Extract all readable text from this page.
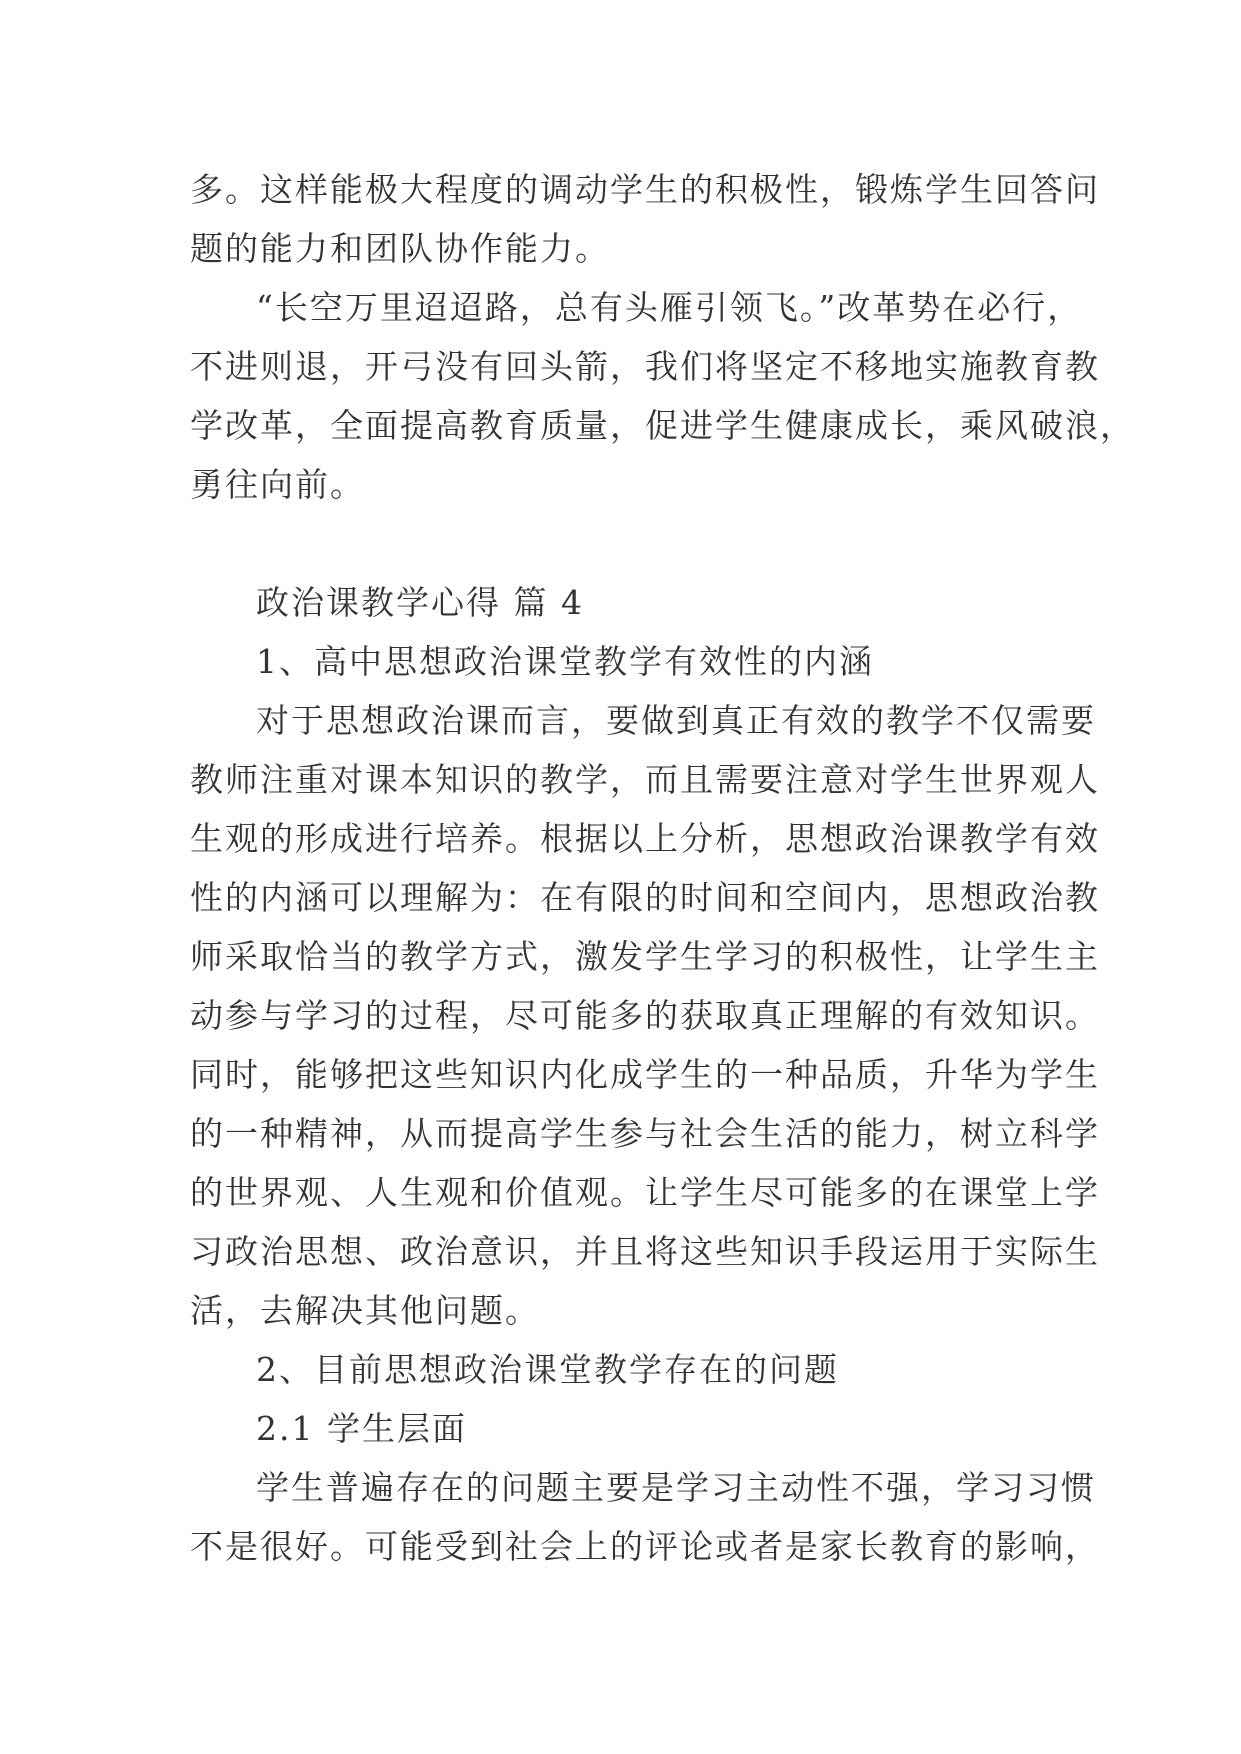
多。这样能极大程度的调动学生的积极性，锻炼学生回答问
题的能力和团队协作能力。
“长空万里迢迢路，总有头雁引领飞。”改革势在必行，
不进则退，开弓没有回头箭，我们将坚定不移地实施教育教
学改革，全面提高教育质量，促进学生健康成长，乘风破浪，
勇往向前。
政治课教学心得 篇 4
1、高中思想政治课堂教学有效性的内涵
对于思想政治课而言，要做到真正有效的教学不仅需要
教师注重对课本知识的教学，而且需要注意对学生世界观人
生观的形成进行培养。根据以上分析，思想政治课教学有效
性的内涵可以理解为：在有限的时间和空间内，思想政治教
师采取恰当的教学方式，激发学生学习的积极性，让学生主
动参与学习的过程，尽可能多的获取真正理解的有效知识。
同时，能够把这些知识内化成学生的一种品质，升华为学生
的一种精神，从而提高学生参与社会生活的能力，树立科学
的世界观、人生观和价值观。让学生尽可能多的在课堂上学
习政治思想、政治意识，并且将这些知识手段运用于实际生
活，去解决其他问题。
2、目前思想政治课堂教学存在的问题
2.1 学生层面
学生普遍存在的问题主要是学习主动性不强，学习习惯
不是很好。可能受到社会上的评论或者是家长教育的影响，
